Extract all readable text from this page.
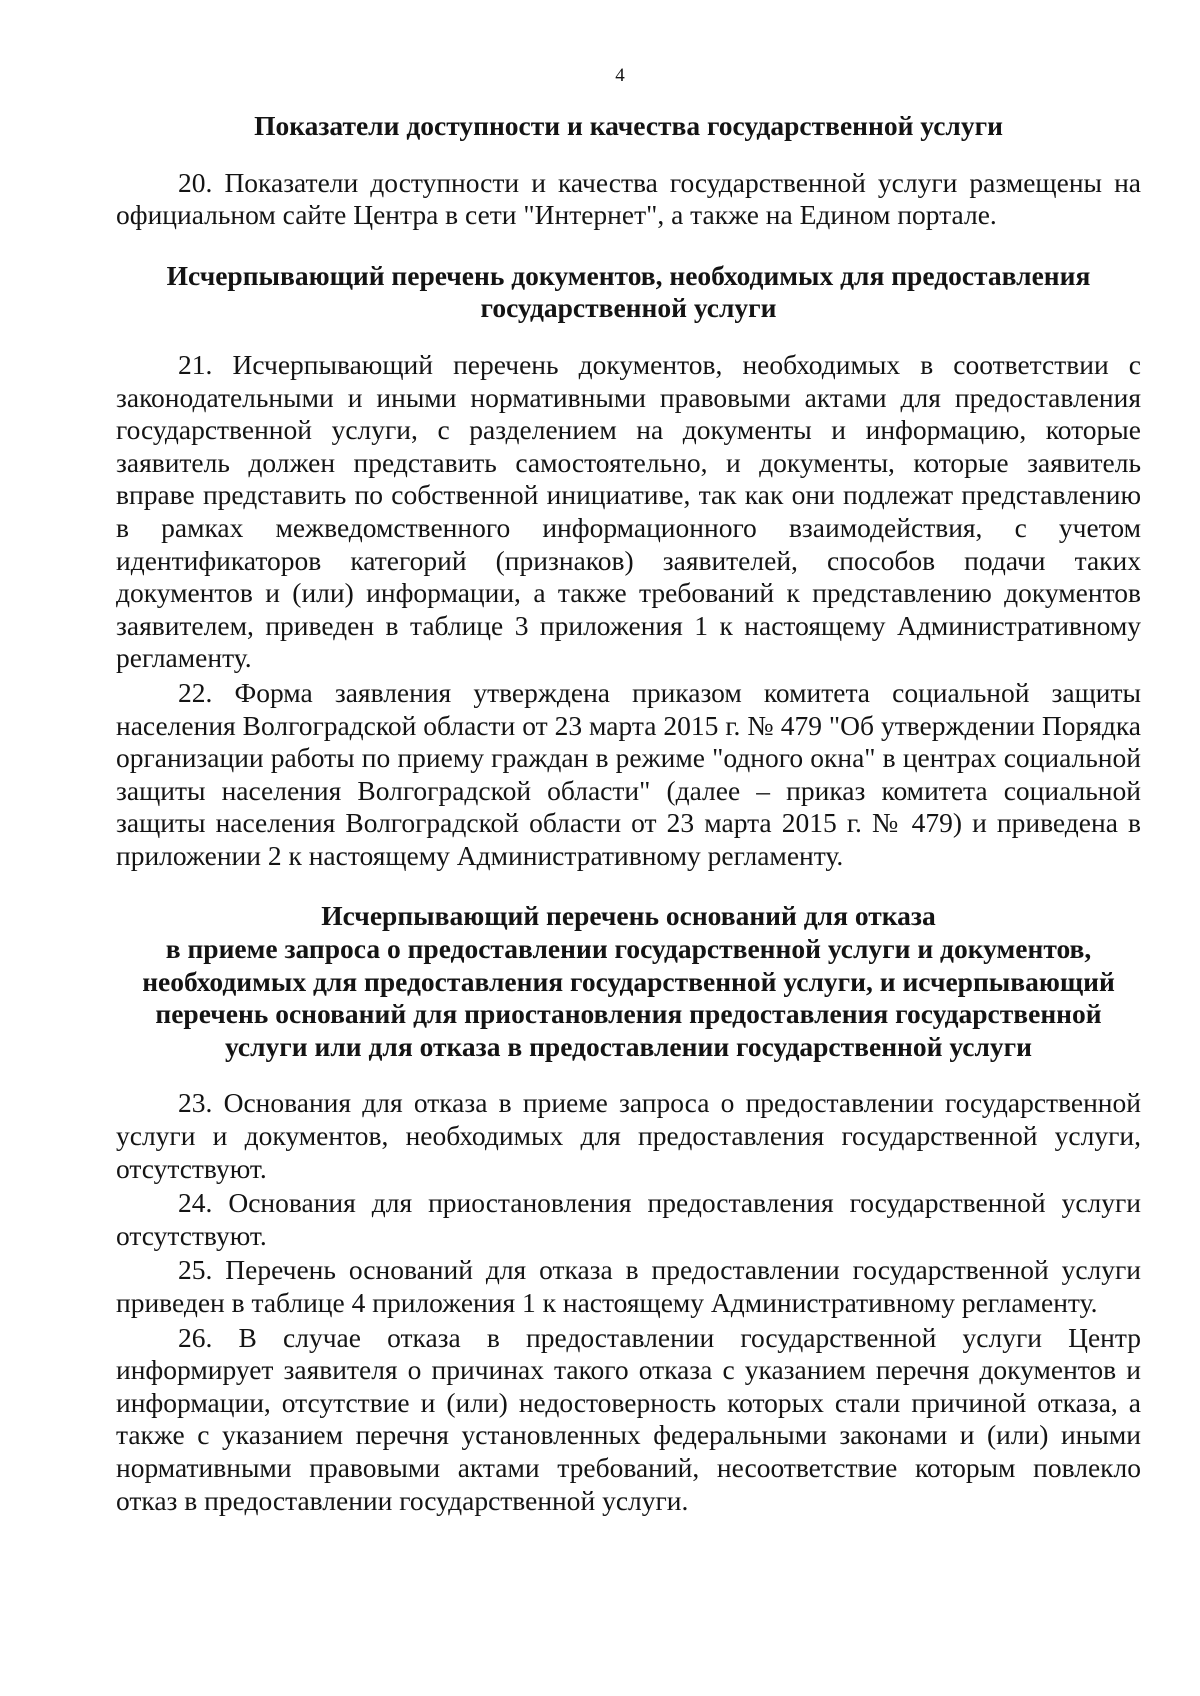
4

Показатели доступности и качества государственной услуги

20. Показатели доступности и качества государственной услуги размещены на официальном сайте Центра в сети "Интернет", а также на Едином портале.

Исчерпывающий перечень документов, необходимых для предоставления

государственной услуги

21. Исчерпывающий перечень документов, необходимых в соответствии с законодательными и иными нормативными правовыми актами для предоставления государственной услуги, с разделением на документы и информацию, которые заявитель должен представить самостоятельно, и документы, которые заявитель вправе представить по собственной инициативе, так как они подлежат представлению в рамках межведомственного информационного взаимодействия, с учетом идентификаторов категорий (признаков) заявителей, способов подачи таких документов и (или) информации, а также требований к представлению документов заявителем, приведен в таблице 3 приложения 1 к настоящему Административному регламенту.

22. Форма заявления утверждена приказом комитета социальной защиты населения Волгоградской области от 23 марта 2015 г. № 479 "Об утверждении Порядка организации работы по приему граждан в режиме "одного окна" в центрах социальной защиты населения Волгоградской области" (далее – приказ комитета социальной защиты населения Волгоградской области от 23 марта 2015 г. № 479) и приведена в приложении 2 к настоящему Административному регламенту.

Исчерпывающий перечень оснований для отказа

в приеме запроса о предоставлении государственной услуги и документов,

необходимых для предоставления государственной услуги, и исчерпывающий

перечень оснований для приостановления предоставления государственной

услуги или для отказа в предоставлении государственной услуги

23. Основания для отказа в приеме запроса о предоставлении государственной услуги и документов, необходимых для предоставления государственной услуги, отсутствуют.

24. Основания для приостановления предоставления государственной услуги отсутствуют.

25. Перечень оснований для отказа в предоставлении государственной услуги приведен в таблице 4 приложения 1 к настоящему Административному регламенту.

26. В случае отказа в предоставлении государственной услуги Центр информирует заявителя о причинах такого отказа с указанием перечня документов и информации, отсутствие и (или) недостоверность которых стали причиной отказа, а также с указанием перечня установленных федеральными законами и (или) иными нормативными правовыми актами требований, несоответствие которым повлекло отказ в предоставлении государственной услуги.
